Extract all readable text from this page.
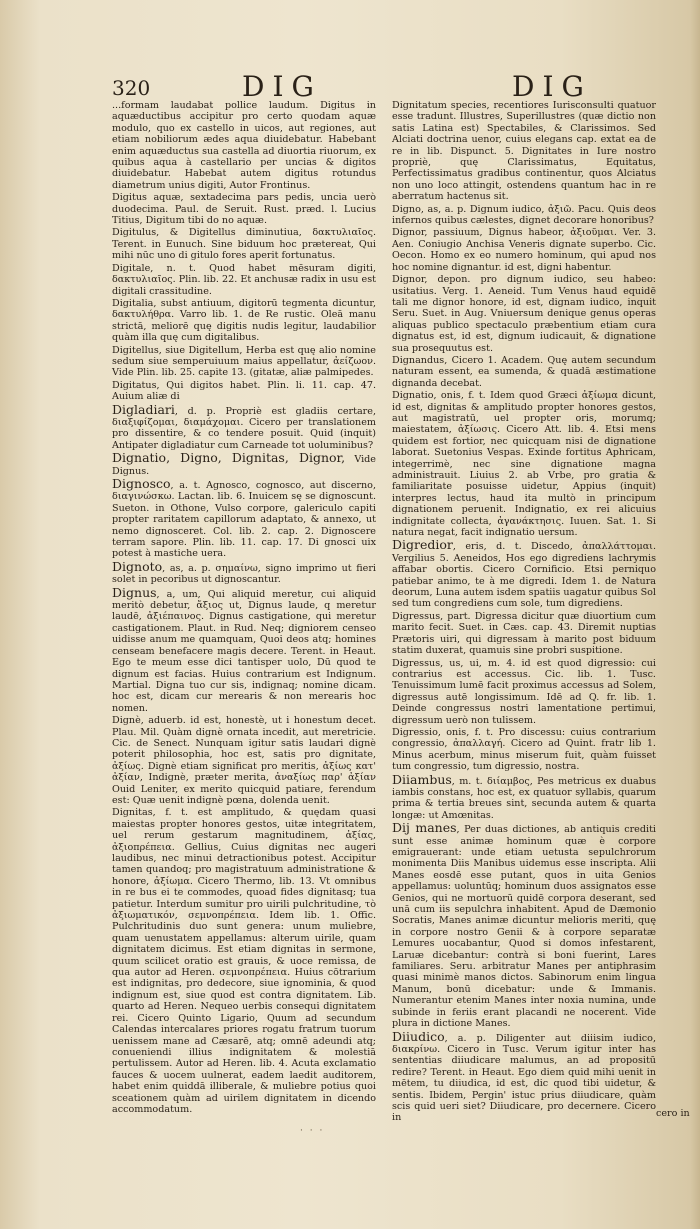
320	DIG	DIG

...formam laudabat pollice laudum. Digitus in aquæductibus accipitur pro certo quodam aquæ modulo, quo ex castello in uicos, aut regiones, aut etiam nobiliorum ædes aqua diuidebatur. Habebant enim aquæductus sua castella ad diuortia riuorum, ex quibus aqua à castellario per uncias & digitos diuidebatur. Habebat autem digitus rotundus diametrum unius digiti, Autor Frontinus.

Digitus aquæ, sextadecima pars pedis, uncia uerò duodecima. Paul. de Seruit. Rust. præd. l. Lucius Titius, Digitum tibi do no aquæ.

Digitulus, & Digitellus diminutiua, δακτυλιαῖος. Terent. in Eunuch. Sine biduum hoc prætereat, Qui mihi nūc uno di gitulo fores aperit fortunatus.

Digitale, n. t. Quod habet mēsuram digiti, δακτυλιαῖος. Plin. lib. 22. Et anchusæ radix in usu est digitali crassitudine.

Digitalia, subst antiuum, digitorū tegmenta dicuntur, δακτυλήθρα. Varro lib. 1. de Re rustic. Oleā manu strictā, meliorē quę digitis nudis legitur, laudabilior quàm illa quę cum digitalibus.

Digitellus, siue Digitellum, Herba est quę alio nomine sedum siue semperuiuum maius appellatur, ἀείζωον. Vide Plin. lib. 25. capite 13. (gitatæ, aliæ palmipedes.

Digitatus, Qui digitos habet. Plin. li. 11. cap. 47. Auium aliæ di

Digladiari, d. p. Propriè est gladiis certare, διαξιφίζομαι, διαμάχομαι. Cicero per translationem pro dissentire, & co tendere posuit. Quid (inquit) Antipater digladiatur cum Carneade tot uoluminibus?

Dignatio, Digno, Dignitas, Dignor, Vide Dignus.

Dignosco, a. t. Agnosco, cognosco, aut discerno, διαγινώσκω. Lactan. lib. 6. Inuicem sę se dignoscunt. Sueton. in Othone, Vulso corpore, galericulo capiti propter raritatem capillorum adaptato, & annexo, ut nemo dignosceret. Col. lib. 2. cap. 2. Dignoscere terram sapore. Plin. lib. 11. cap. 17. Di gnosci uix potest à mastiche uera.

Dignoto, as, a. p. σημαίνω, signo imprimo ut fieri solet in pecoribus ut dignoscantur.

Dignus, a, um, Qui aliquid meretur, cui aliquid meritò debetur, ἄξιος ut, Dignus laude, q meretur laudē, ἀξιέπαινος. Dignus castigatione, qui meretur castigationem. Plaut. in Rud. Neq; digniorem censeo uidisse anum me quamquam, Quoi deos atq; homines censeam benefacere magis decere. Terent. in Heaut. Ego te meum esse dici tantisper uolo, Dū quod te dignum est facias. Huius contrarium est Indignum. Martial. Digna tuo cur sis, indignaq; nomine dicam. hoc est, dicam cur merearis & non merearis hoc nomen.

Dignè, aduerb. id est, honestè, ut i honestum decet. Plau. Mil. Quàm dignè ornata incedit, aut meretricie. Cic. de Senect. Nunquam igitur satis laudari dignè poterit philosophia, hoc est, satis pro dignitate, ἀξίως. Dignè etiam significat pro meritis, ἀξίως κατ' ἀξίαν, Indignè, præter merita, ἀναξίως παρ' ἀξίαν Ouid Leniter, ex merito quicquid patiare, ferendum est: Quæ uenit indignè pœna, dolenda uenit.

Dignitas, f. t. est amplitudo, & quędam quasi maiestas propter honores gestos, uitæ integritatem, uel rerum gestarum magnitudinem, ἀξίας, ἀξιοπρέπεια. Gellius, Cuius dignitas nec augeri laudibus, nec minui detractionibus potest. Accipitur tamen quandoq; pro magistratuum administratione & honore, ἀξίωμα. Cicero Thermo, lib. 13. Vt omnibus in re bus ei te commodes, quoad fides dignitasq; tua patietur. Interdum sumitur pro uirili pulchritudine, τὸ ἀξιωματικόν, σεμνοπρέπεια. Idem lib. 1. Offic. Pulchritudinis duo sunt genera: unum muliebre, quam uenustatem appellamus: alterum uirile, quam dignitatem dicimus. Est etiam dignitas in sermone, quum scilicet oratio est grauis, & uoce remissa, de qua autor ad Heren. σεμνοπρέπεια. Huius cōtrarium est indignitas, pro dedecore, siue ignominia, & quod indignum est, siue quod est contra dignitatem. Lib. quarto ad Heren. Nequeo uerbis consequi dignitatem rei. Cicero Quinto Ligario, Quum ad secundum Calendas intercalares priores rogatu fratrum tuorum uenissem mane ad Cæsarē, atq; omnē adeundi atq; conueniendi illius indignitatem & molestiā pertulissem. Autor ad Heren. lib. 4. Acuta exclamatio fauces & uocem uulnerat, eadem laedit auditorem, habet enim quiddā illiberale, & muliebre potius quoi sceationem quàm ad uirilem dignitatem in dicendo accommodatum.

Dignitatum species, recentiores Iurisconsulti quatuor esse tradunt. Illustres, Superillustres (quæ dictio non satis Latina est) Spectabiles, & Clarissimos. Sed Alciati doctrina uenor, cuius elegans cap. extat ea de re in lib. Dispunct. 5. Dignitates in Iure nostro propriè, quę Clarissimatus, Equitatus, Perfectissimatus gradibus continentur, quos Alciatus non uno loco attingit, ostendens quantum hac in re aberratum hactenus sit.

Digno, as, a. p. Dignum iudico, ἀξιῶ. Pacu. Quis deos infernos quibus cælestes, dignet decorare honoribus?

Dignor, passiuum, Dignus habeor, ἀξιοῦμαι. Ver. 3. Aen. Coniugio Anchisa Veneris dignate superbo. Cic. Oecon. Homo ex eo numero hominum, qui apud nos hoc nomine dignantur. id est, digni habentur.

Dignor, depon. pro dignum iudico, seu habeo: usitatius. Verg. 1. Aeneid. Tum Venus haud equidē tali me dignor honore, id est, dignam iudico, inquit Seru. Suet. in Aug. Vniuersum denique genus operas aliquas publico spectaculo præbentium etiam cura dignatus est, id est, dignum iudicauit, & dignatione sua prosequutus est.

Dignandus, Cicero 1. Academ. Quę autem secundum naturam essent, ea sumenda, & quadā æstimatione dignanda decebat.

Dignatio, onis, f. t. Idem quod Græci ἀξίωμα dicunt, id est, dignitas & amplitudo propter honores gestos, aut magistratū, uel propter oris, morumq; maiestatem, ἀξίωσις. Cicero Att. lib. 4. Etsi mens quidem est fortior, nec quicquam nisi de dignatione laborat. Suetonius Vespas. Exinde fortitus Aphricam, integerrimè, nec sine dignatione magna administrauit. Liuius 2. ab Vrbe, pro gratia & familiaritate posuisse uidetur, Appius (inquit) interpres lectus, haud ita multò in principum dignationem peruenit. Indignatio, ex rei alicuius indignitate collecta, ἀγανάκτησις. Iuuen. Sat. 1. Si natura negat, facit indignatio uersum.

Digredior, eris, d. t. Discedo, ἀπαλλάττομαι. Vergilius 5. Aeneidos, Hos ego digrediens lachrymis affabar obortis. Cicero Cornificio. Etsi perniquo patiebar animo, te à me digredi. Idem 1. de Natura deorum, Luna autem isdem spatiis uagatur quibus Sol sed tum congrediens cum sole, tum digrediens.

Digressus, part. Digressa dicitur quæ diuortium cum marito fecit. Suet. in Cæs. cap. 43. Diremit nuptias Prætoris uiri, qui digressam à marito post biduum statim duxerat, quamuis sine probri suspitione.

Digressus, us, ui, m. 4. id est quod digressio: cui contrarius est accessus. Cic. lib. 1. Tusc. Tenuissimum lumē facit proximus accessus ad Solem, digressus autē longissimum. Idē ad Q. fr. lib. 1. Deinde congressus nostri lamentatione pertimui, digressum uerò non tulissem.

Digressio, onis, f. t. Pro discessu: cuius contrarium congressio, ἀπαλλαγή. Cicero ad Quint. fratr lib 1. Minus acerbum, minus miserum fuit, quàm fuisset tum congressio, tum digressio, nostra.

Diiambus, m. t. διίαμβος, Pes metricus ex duabus iambis constans, hoc est, ex quatuor syllabis, quarum prima & tertia breues sint, secunda autem & quarta longæ: ut Amœnitas.

Dij manes, Per duas dictiones, ab antiquis crediti sunt esse animæ hominum quæ è corpore emigrauerant: unde etiam uetusta sepulchrorum monimenta Diis Manibus uidemus esse inscripta. Alii Manes eosdē esse putant, quos in uita Genios appellamus: uoluntūq; hominum duos assignatos esse Genios, qui ne mortuorū quidē corpora deserant, sed unā cum iis sepulchra inhabitent. Apud de Dæmonio Socratis, Manes animæ dicuntur melioris meriti, quę in corpore nostro Genii & à corpore separatæ Lemures uocabantur, Quod si domos infestarent, Laruæ dicebantur: contrà si boni fuerint, Lares familiares. Seru. arbitratur Manes per antiphrasim quasi minimè manos dictos. Sabinorum enim lingua Manum, bonū dicebatur: unde & Immanis. Numerantur etenim Manes inter noxia numina, unde subinde in feriis erant placandi ne nocerent. Vide plura in dictione Manes.

Diiudico, a. p. Diligenter aut diiisim iudico, διακρίνω. Cicero in Tusc. Verum igitur inter has sententias diiudicare malumus, an ad propositū redire? Terent. in Heaut. Ego diem quid mihi uenit in mētem, tu diiudica, id est, dic quod tibi uidetur, & sentis. Ibidem, Pergin' istuc prius diiudicare, quàm scis quid ueri siet? Diiudicare, pro decernere. Cicero in	cero in
· · ·
